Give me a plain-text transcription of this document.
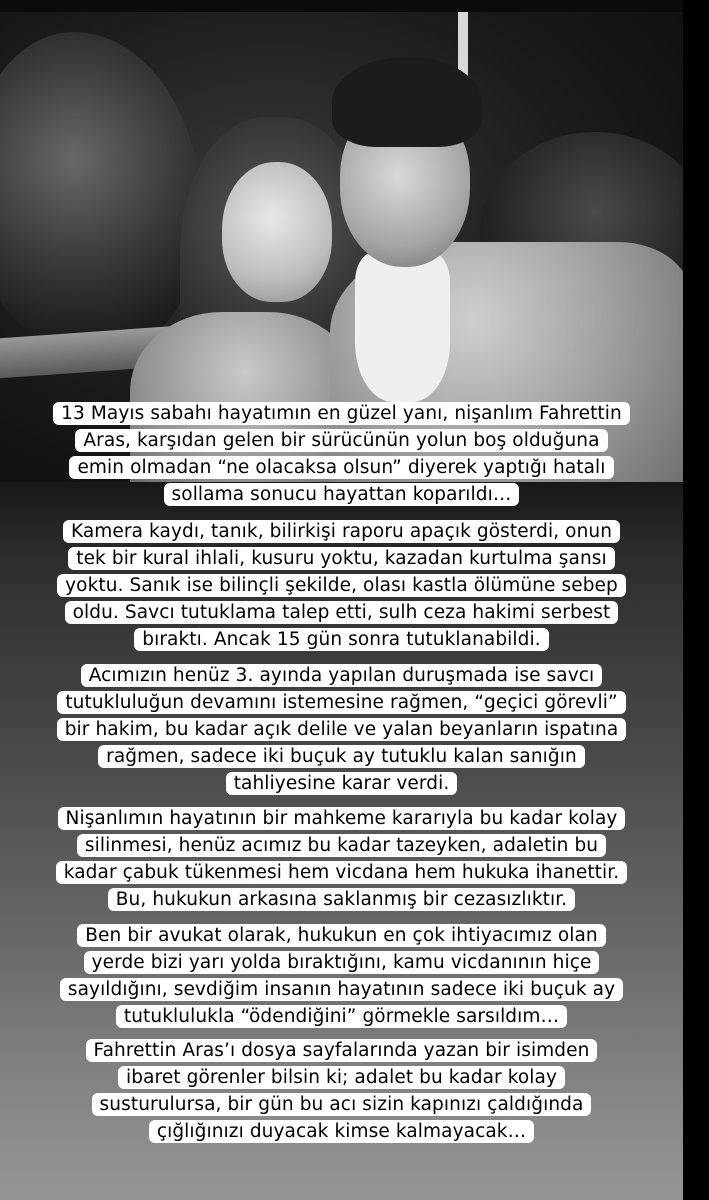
13 Mayıs sabahı hayatımın en güzel yanı, nişanlım Fahrettin
Aras, karşıdan gelen bir sürücünün yolun boş olduğuna
emin olmadan “ne olacaksa olsun” diyerek yaptığı hatalı
sollama sonucu hayattan koparıldı…
Kamera kaydı, tanık, bilirkişi raporu apaçık gösterdi, onun
tek bir kural ihlali, kusuru yoktu, kazadan kurtulma şansı
yoktu. Sanık ise bilinçli şekilde, olası kastla ölümüne sebep
oldu. Savcı tutuklama talep etti, sulh ceza hakimi serbest
bıraktı. Ancak 15 gün sonra tutuklanabildi.
Acımızın henüz 3. ayında yapılan duruşmada ise savcı
tutukluluğun devamını istemesine rağmen, “geçici görevli”
bir hakim, bu kadar açık delile ve yalan beyanların ispatına
rağmen, sadece iki buçuk ay tutuklu kalan sanığın
tahliyesine karar verdi.
Nişanlımın hayatının bir mahkeme kararıyla bu kadar kolay
silinmesi, henüz acımız bu kadar tazeyken, adaletin bu
kadar çabuk tükenmesi hem vicdana hem hukuka ihanettir.
Bu, hukukun arkasına saklanmış bir cezasızlıktır.
Ben bir avukat olarak, hukukun en çok ihtiyacımız olan
yerde bizi yarı yolda bıraktığını, kamu vicdanının hiçe
sayıldığını, sevdiğim insanın hayatının sadece iki buçuk ay
tutuklulukla “ödendiğini” görmekle sarsıldım…
Fahrettin Aras’ı dosya sayfalarında yazan bir isimden
ibaret görenler bilsin ki; adalet bu kadar kolay
susturulursa, bir gün bu acı sizin kapınızı çaldığında
çığlığınızı duyacak kimse kalmayacak…
